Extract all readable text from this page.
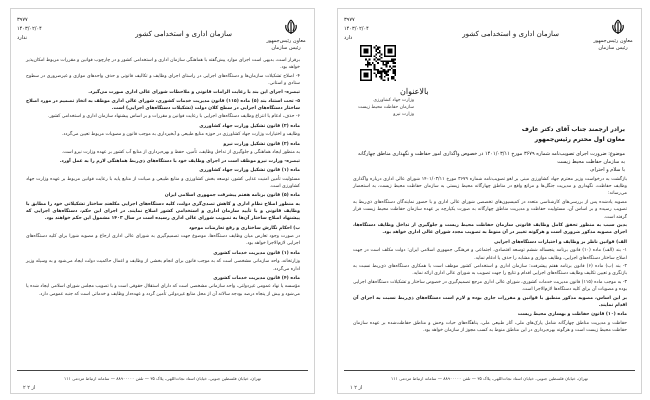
معاون رئیس‌جمهور
رئیس سازمان
سازمان اداری و استخدامی کشور
۳۹۷۷
۱۴۰۳/۰۲/۰۴
ندارد

برقرار است، بدیهی است اجرای موارد پیش‌گفته با هماهنگی سازمان اداری و استخدامی کشور و در چارچوب قوانین و مقررات مربوط امکان‌پذیر خواهد بود.

۴- اصلاح تشکیلات سازمان‌ها و دستگاه‌های اجرایی در راستای اجرای وظایف و تکالیف قانونی و حذف واحدهای موازی و غیرضروری در سطوح ستادی و استانی.

تبصره- اجرای این بند با رعایت الزامات قانونی و ملاحظات شورای عالی اداری صورت می‌گیرد.

۵- تحت استناد بند (۵) ماده (۱۱۵) قانون مدیریت خدمات کشوری، شورای عالی اداری موظف به اتخاذ تصمیم در مورد اصلاح ساختار دستگاه‌های اجرایی در سطح کلان دولت (تشکیلات دستگاه‌های اجرایی) است.

۶- حذف، ادغام یا انتزاع وظایف دستگاه‌های اجرایی با رعایت قوانین و مقررات و بر اساس پیشنهاد سازمان اداری و استخدامی کشور.

ماده (۲) قانون تشکیل وزارت جهاد کشاورزی

وظایف و اختیارات وزارت جهاد کشاورزی در حوزه منابع طبیعی و آبخیزداری به موجب قانون و مصوبات مربوط تعیین می‌گردد.

ماده (۲) قانون تشکیل وزارت نیرو

به منظور ایجاد هماهنگی و جلوگیری از تداخل وظایف، تأمین، حفظ و بهره‌برداری از منابع آب کشور بر عهده وزارت نیرو است.

تبصره- وزارت نیرو موظف است در اجرای وظایف خود با دستگاه‌های ذی‌ربط هماهنگی لازم را به عمل آورد.

ماده (۱) قانون تشکیل وزارت جهاد کشاورزی

مسئولیت تأمین امنیت غذایی کشور، توسعه بخش کشاورزی و منابع طبیعی و صیانت از منابع پایه با رعایت قوانین مربوط بر عهده وزارت جهاد کشاورزی است.

ماده (۵) قانون برنامه هفتم پیشرفت جمهوری اسلامی ایران

به منظور اصلاح نظام اداری و کاهش تصدی‌گری دولت، کلیه دستگاه‌های اجرایی مکلفند ساختار تشکیلاتی خود را مطابق با وظایف قانونی و با تأیید سازمان اداری و استخدامی کشور اصلاح نمایند. در اجرای این حکم، دستگاه‌های اجرایی که پیشنهاد اصلاح ساختار آن‌ها به تصویب شورای عالی اداری رسیده است در سال ۱۴۰۳ مشمول این حکم خواهند بود.

ب) احکام نگارش ساختاری و رفع تعارضات موجود

در صورت وجود تعارض میان وظایف دستگاه‌ها، موضوع جهت تصمیم‌گیری به شورای عالی اداری ارجاع و مصوبه شورا برای کلیه دستگاه‌های اجرایی لازم‌الاجرا خواهد بود.

ماده (۱) قانون مدیریت خدمات کشوری

وزارتخانه، واحد سازمانی مشخصی است که به موجب قانون برای انجام بخشی از وظایف و اعمال حاکمیت دولت ایجاد می‌شود و به وسیله وزیر اداره می‌گردد.

ماده (۴) قانون مدیریت خدمات کشوری

مؤسسه یا نهاد عمومی غیردولتی، واحد سازمانی مشخصی است که دارای استقلال حقوقی است و با تصویب مجلس شورای اسلامی ایجاد شده یا می‌شود و بیش از پنجاه درصد بودجه سالانه آن از محل منابع غیردولتی تأمین گردد و عهده‌دار وظایف و خدماتی است که جنبه عمومی دارد.

تهران، خیابان فلسطین جنوبی، خیابان استاد نجات‌اللهی، پلاک ۳۵ — تلفن ۸۸۹۰۰۰۰۰ — سامانه ارتباط مردمی ۱۱۱
۲ از ۲
معاون رئیس‌جمهور
رئیس سازمان
سازمان اداری و استخدامی کشور
۳۹۷۷
۱۴۰۳/۰۲/۰۴
دارد
بالاعنوان
وزارت جهاد کشاورزی
سازمان حفاظت محیط زیست
وزارت نیرو
برادر ارجمند جناب آقای دکتر عارف
معاون اول محترم رئیس‌جمهور
موضوع: ضرورت اجرای تصویب‌نامه شماره ۳۶۷۹ مورخ ۱۴۰۱/۰۳/۱۱ در خصوص واگذاری امور حفاظت و نگهداری مناطق چهارگانه به سازمان حفاظت محیط زیست
با سلام و احترام،

بازگشت به درخواست وزیر محترم جهاد کشاورزی مبنی بر لغو تصویب‌نامه شماره ۳۶۷۹ مورخ ۱۴۰۱/۰۳/۱۱ شورای عالی اداری درباره واگذاری وظایف حفاظت، نگهداری و مدیریت جنگل‌ها و مراتع واقع در مناطق چهارگانه محیط زیستی به سازمان حفاظت محیط زیست، به استحضار می‌رساند:

مصوبه یادشده پس از بررسی‌های کارشناسی متعدد در کمیسیون‌های تخصصی شورای عالی اداری و با حضور نمایندگان دستگاه‌های ذی‌ربط به تصویب رسیده و بر اساس آن، مسئولیت حفاظت و مدیریت مناطق چهارگانه به صورت یکپارچه بر عهده سازمان حفاظت محیط زیست قرار گرفته است.

بدین سبب به منظور تحقق کامل وظایف قانونی سازمان حفاظت محیط زیست و جلوگیری از تداخل وظایف دستگاه‌ها، اجرای مصوبه مذکور ضروری است و هرگونه تغییر در آن منوط به تصویب مجدد شورای عالی اداری خواهد بود.

الف) قوانین ناظر بر وظایف و اختیارات دستگاه‌های اجرایی

۱- بند (الف) ماده (۱۰) قانون برنامه پنجساله ششم توسعه اقتصادی، اجتماعی و فرهنگی جمهوری اسلامی ایران: دولت مکلف است در جهت اصلاح ساختار دستگاه‌های اجرایی، وظایف موازی و مشابه را حذف یا ادغام نماید.

۲- بند (ب) ماده (۶) قانون برنامه هفتم پیشرفت: سازمان اداری و استخدامی کشور موظف است با همکاری دستگاه‌های ذی‌ربط نسبت به بازنگری و تعیین تکلیف وظایف دستگاه‌های اجرایی اقدام و نتایج را جهت تصویب به شورای عالی اداری ارائه نماید.

۳- به موجب ماده (۱۱۵) قانون مدیریت خدمات کشوری، شورای عالی اداری مرجع تصمیم‌گیری در خصوص ساختار و تشکیلات دستگاه‌های اجرایی بوده و مصوبات آن برای کلیه دستگاه‌ها لازم‌الاجرا است.

بر این اساس، مصوبه مذکور منطبق با قوانین و مقررات جاری بوده و لازم است دستگاه‌های ذی‌ربط نسبت به اجرای آن اقدام نمایند.

ماده (۱۰) قانون حفاظت و بهسازی محیط زیست

حفاظت و مدیریت مناطق چهارگانه شامل پارک‌های ملی، آثار طبیعی ملی، پناهگاه‌های حیات وحش و مناطق حفاظت‌شده بر عهده سازمان حفاظت محیط زیست است و هرگونه بهره‌برداری در این مناطق منوط به کسب مجوز از سازمان خواهد بود.

تهران، خیابان فلسطین جنوبی، خیابان استاد نجات‌اللهی، پلاک ۳۵ — تلفن ۸۸۹۰۰۰۰۰ — سامانه ارتباط مردمی ۱۱۱
۱ از ۲
